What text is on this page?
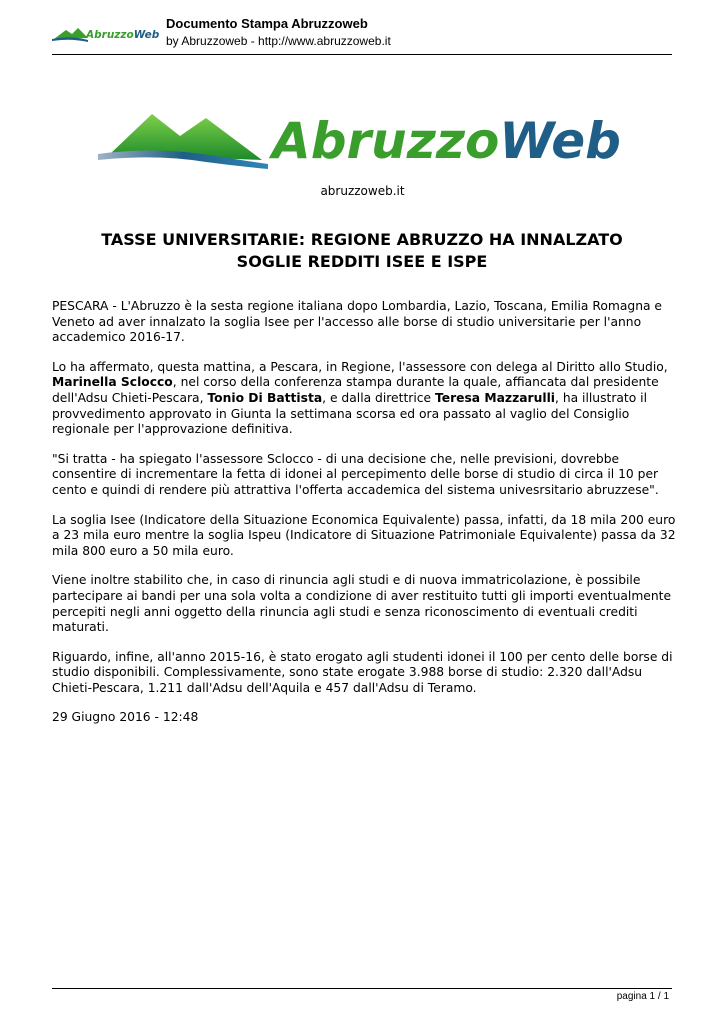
AbruzzoWeb
Documento Stampa Abruzzoweb
by Abruzzoweb - http://www.abruzzoweb.it
AbruzzoWeb
abruzzoweb.it
TASSE UNIVERSITARIE: REGIONE ABRUZZO HA INNALZATO
SOGLIE REDDITI ISEE E ISPE

PESCARA - L'Abruzzo è la sesta regione italiana dopo Lombardia, Lazio, Toscana, Emilia Romagna e Veneto ad aver innalzato la soglia Isee per l'accesso alle borse di studio universitarie per l'anno accademico 2016-17.

Lo ha affermato, questa mattina, a Pescara, in Regione, l'assessore con delega al Diritto allo Studio, Marinella Sclocco, nel corso della conferenza stampa durante la quale, affiancata dal presidente dell'Adsu Chieti-Pescara, Tonio Di Battista, e dalla direttrice Teresa Mazzarulli, ha illustrato il provvedimento approvato in Giunta la settimana scorsa ed ora passato al vaglio del Consiglio regionale per l'approvazione definitiva.

"Si tratta - ha spiegato l'assessore Sclocco - di una decisione che, nelle previsioni, dovrebbe consentire di incrementare la fetta di idonei al percepimento delle borse di studio di circa il 10 per cento e quindi di rendere più attrattiva l'offerta accademica del sistema univesrsitario abruzzese".

La soglia Isee (Indicatore della Situazione Economica Equivalente) passa, infatti, da 18 mila 200 euro a 23 mila euro mentre la soglia Ispeu (Indicatore di Situazione Patrimoniale Equivalente) passa da 32 mila 800 euro a 50 mila euro.

Viene inoltre stabilito che, in caso di rinuncia agli studi e di nuova immatricolazione, è possibile partecipare ai bandi per una sola volta a condizione di aver restituito tutti gli importi eventualmente percepiti negli anni oggetto della rinuncia agli studi e senza riconoscimento di eventuali crediti maturati.

Riguardo, infine, all'anno 2015-16, è stato erogato agli studenti idonei il 100 per cento delle borse di studio disponibili. Complessivamente, sono state erogate 3.988 borse di studio: 2.320 dall'Adsu Chieti-Pescara, 1.211 dall'Adsu dell'Aquila e 457 dall'Adsu di Teramo.

29 Giugno 2016 - 12:48

pagina 1 / 1
